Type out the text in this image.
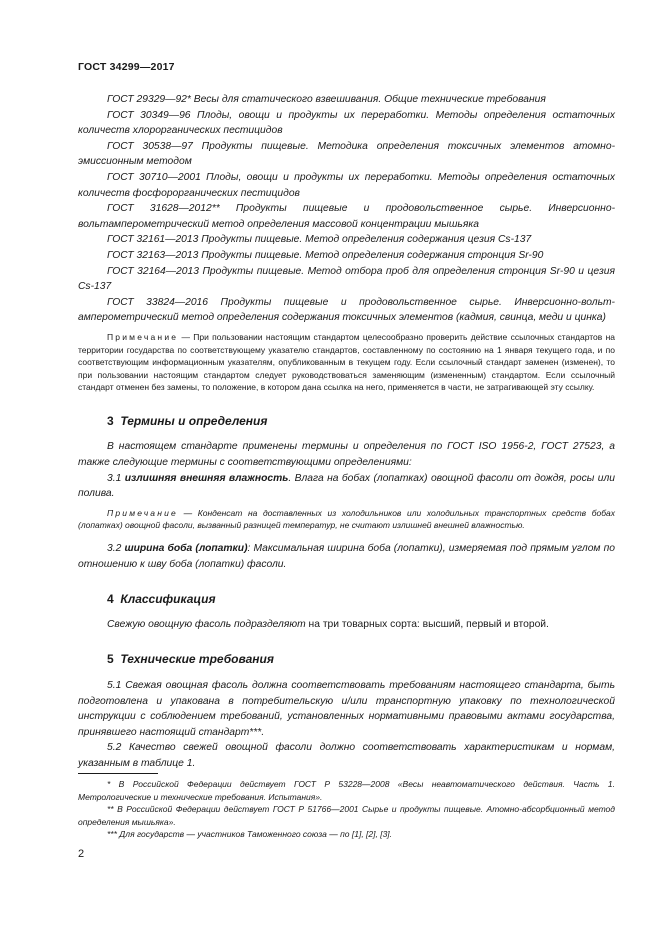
ГОСТ 34299—2017

ГОСТ 29329—92* Весы для статического взвешивания. Общие технические требования

ГОСТ 30349—96 Плоды, овощи и продукты их переработки. Методы определения остаточных количеств хлорорганических пестицидов

ГОСТ 30538—97 Продукты пищевые. Методика определения токсичных элементов атомно-эмиссионным методом

ГОСТ 30710—2001 Плоды, овощи и продукты их переработки. Методы определения остаточных количеств фосфорорганических пестицидов

ГОСТ 31628—2012** Продукты пищевые и продовольственное сырье. Инверсионно-вольтамперометрический метод определения массовой концентрации мышьяка

ГОСТ 32161—2013 Продукты пищевые. Метод определения содержания цезия Cs-137

ГОСТ 32163—2013 Продукты пищевые. Метод определения содержания стронция Sr-90

ГОСТ 32164—2013 Продукты пищевые. Метод отбора проб для определения стронция Sr-90 и цезия Cs-137

ГОСТ 33824—2016 Продукты пищевые и продовольственное сырье. Инверсионно-вольт-амперометрический метод определения содержания токсичных элементов (кадмия, свинца, меди и цинка)

Примечание — При пользовании настоящим стандартом целесообразно проверить действие ссылочных стандартов на территории государства по соответствующему указателю стандартов, составленному по состоянию на 1 января текущего года, и по соответствующим информационным указателям, опубликованным в текущем году. Если ссылочный стандарт заменен (изменен), то при пользовании настоящим стандартом следует руководствоваться заменяющим (измененным) стандартом. Если ссылочный стандарт отменен без замены, то положение, в котором дана ссылка на него, применяется в части, не затрагивающей эту ссылку.

3 Термины и определения

В настоящем стандарте применены термины и определения по ГОСТ ISO 1956-2, ГОСТ 27523, а также следующие термины с соответствующими определениями:

3.1 излишняя внешняя влажность. Влага на бобах (лопатках) овощной фасоли от дождя, росы или полива.

Примечание — Конденсат на доставленных из холодильников или холодильных транспортных средств бобах (лопатках) овощной фасоли, вызванный разницей температур, не считают излишней внешней влажностью.

3.2 ширина боба (лопатки): Максимальная ширина боба (лопатки), измеряемая под прямым углом по отношению к шву боба (лопатки) фасоли.

4 Классификация

Свежую овощную фасоль подразделяют на три товарных сорта: высший, первый и второй.

5 Технические требования

5.1 Свежая овощная фасоль должна соответствовать требованиям настоящего стандарта, быть подготовлена и упакована в потребительскую и/или транспортную упаковку по технологической инструкции с соблюдением требований, установленных нормативными правовыми актами государства, принявшего настоящий стандарт***.

5.2 Качество свежей овощной фасоли должно соответствовать характеристикам и нормам, указанным в таблице 1.

* В Российской Федерации действует ГОСТ Р 53228—2008 «Весы неавтоматического действия. Часть 1. Метрологические и технические требования. Испытания».

** В Российской Федерации действует ГОСТ Р 51766—2001 Сырье и продукты пищевые. Атомно-абсорбционный метод определения мышьяка».

*** Для государств — участников Таможенного союза — по [1], [2], [3].

2
